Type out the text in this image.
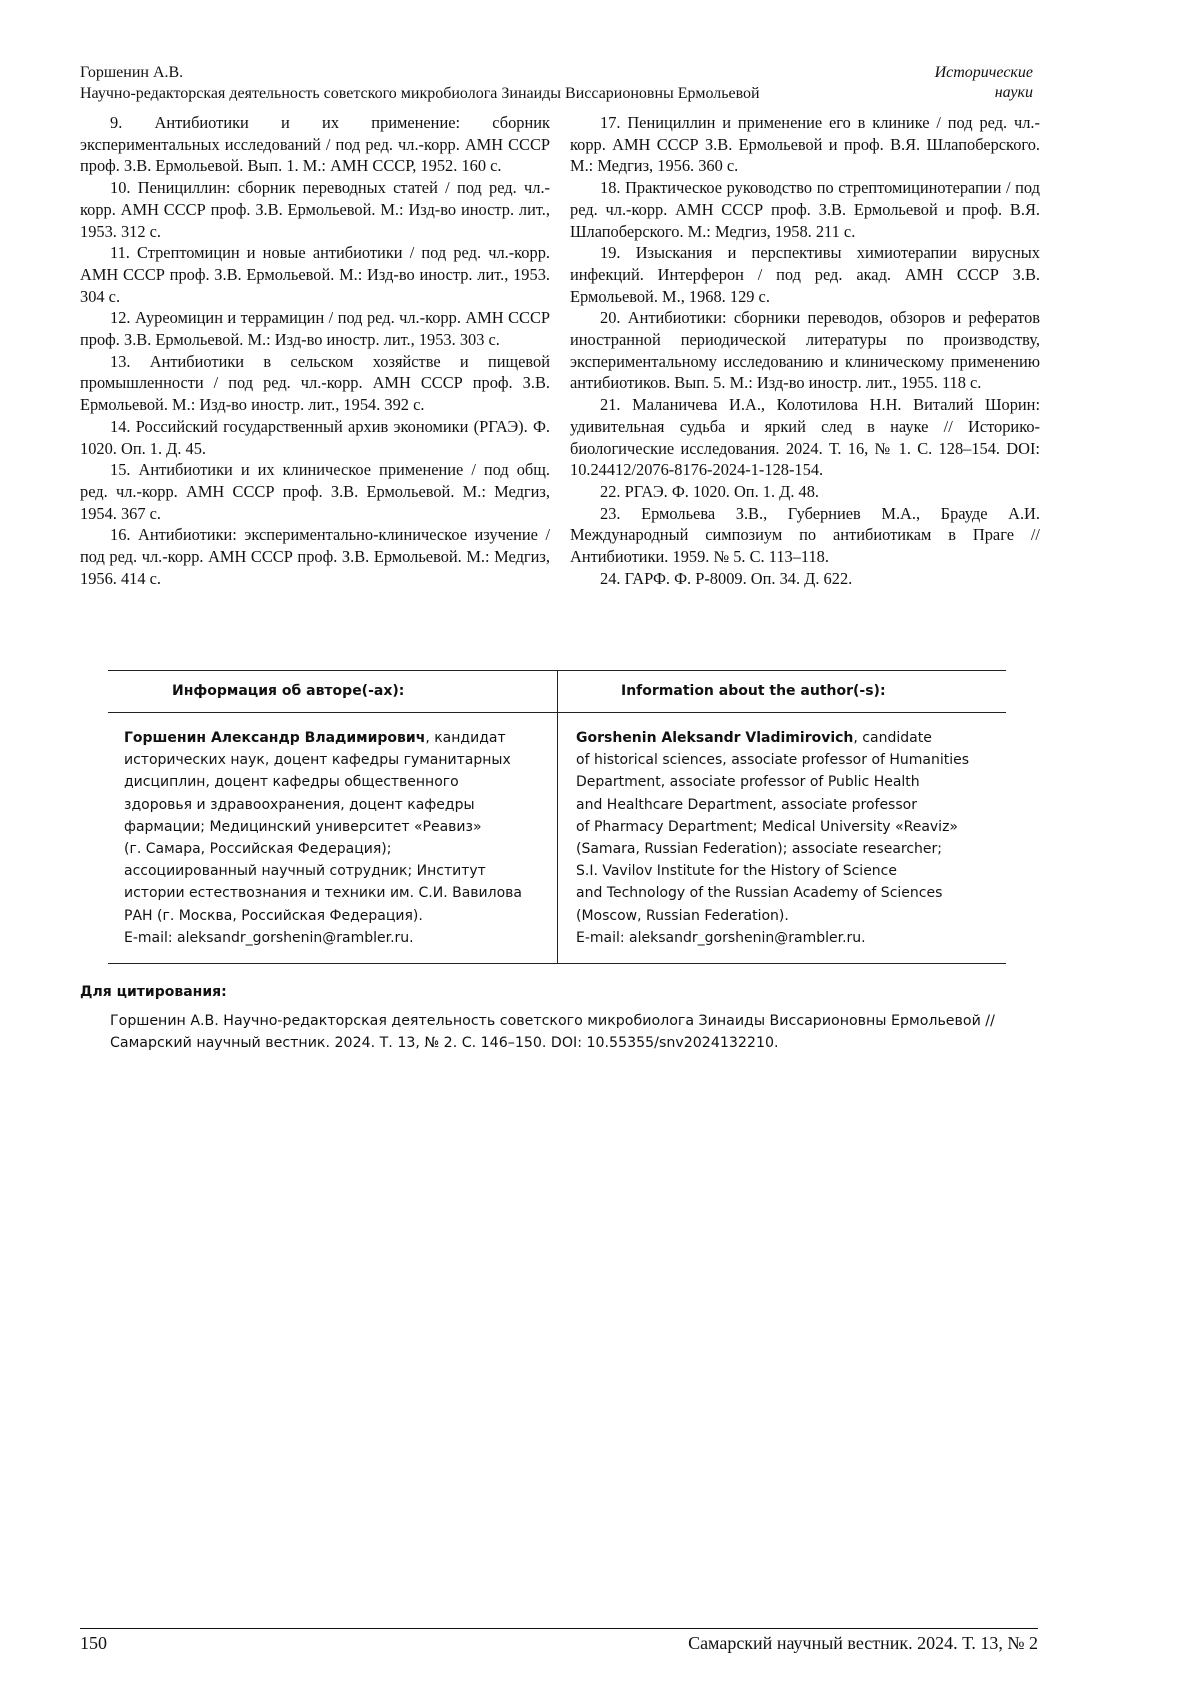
Горшенин А.В.
Научно-редакторская деятельность советского микробиолога Зинаиды Виссарионовны Ермольевой
Исторические
науки

9. Антибиотики и их применение: сборник экспериментальных исследований / под ред. чл.-корр. АМН СССР проф. З.В. Ермольевой. Вып. 1. М.: АМН СССР, 1952. 160 с.

10. Пенициллин: сборник переводных статей / под ред. чл.-корр. АМН СССР проф. З.В. Ермольевой. М.: Изд-во иностр. лит., 1953. 312 с.

11. Стрептомицин и новые антибиотики / под ред. чл.-корр. АМН СССР проф. З.В. Ермольевой. М.: Изд-во иностр. лит., 1953. 304 с.

12. Ауреомицин и террамицин / под ред. чл.-корр. АМН СССР проф. З.В. Ермольевой. М.: Изд-во иностр. лит., 1953. 303 с.

13. Антибиотики в сельском хозяйстве и пищевой промышленности / под ред. чл.-корр. АМН СССР проф. З.В. Ермольевой. М.: Изд-во иностр. лит., 1954. 392 с.

14. Российский государственный архив экономики (РГАЭ). Ф. 1020. Оп. 1. Д. 45.

15. Антибиотики и их клиническое применение / под общ. ред. чл.-корр. АМН СССР проф. З.В. Ермольевой. М.: Медгиз, 1954. 367 с.

16. Антибиотики: экспериментально-клиническое изучение / под ред. чл.-корр. АМН СССР проф. З.В. Ермольевой. М.: Медгиз, 1956. 414 с.

17. Пенициллин и применение его в клинике / под ред. чл.-корр. АМН СССР З.В. Ермольевой и проф. В.Я. Шлапоберского. М.: Медгиз, 1956. 360 с.

18. Практическое руководство по стрептомицинотерапии / под ред. чл.-корр. АМН СССР проф. З.В. Ермольевой и проф. В.Я. Шлапоберского. М.: Медгиз, 1958. 211 с.

19. Изыскания и перспективы химиотерапии вирусных инфекций. Интерферон / под ред. акад. АМН СССР З.В. Ермольевой. М., 1968. 129 с.

20. Антибиотики: сборники переводов, обзоров и рефератов иностранной периодической литературы по производству, экспериментальному исследованию и клиническому применению антибиотиков. Вып. 5. М.: Изд-во иностр. лит., 1955. 118 с.

21. Маланичева И.А., Колотилова Н.Н. Виталий Шорин: удивительная судьба и яркий след в науке // Историко-биологические исследования. 2024. Т. 16, № 1. С. 128–154. DOI: 10.24412/2076-8176-2024-1-128-154.

22. РГАЭ. Ф. 1020. Оп. 1. Д. 48.

23. Ермольева З.В., Губерниев М.А., Брауде А.И. Международный симпозиум по антибиотикам в Праге // Антибиотики. 1959. № 5. С. 113–118.

24. ГАРФ. Ф. Р-8009. Оп. 34. Д. 622.

Информация об авторе(-ах):	Information about the author(-s):
Горшенин Александр Владимирович, кандидат
исторических наук, доцент кафедры гуманитарных
дисциплин, доцент кафедры общественного
здоровья и здравоохранения, доцент кафедры
фармации; Медицинский университет «Реавиз»
(г. Самара, Российская Федерация);
ассоциированный научный сотрудник; Институт
истории естествознания и техники им. С.И. Вавилова
РАН (г. Москва, Российская Федерация).
E-mail: aleksandr_gorshenin@rambler.ru.
Gorshenin Aleksandr Vladimirovich, candidate
of historical sciences, associate professor of Humanities
Department, associate professor of Public Health
and Healthcare Department, associate professor
of Pharmacy Department; Medical University «Reaviz»
(Samara, Russian Federation); associate researcher;
S.I. Vavilov Institute for the History of Science
and Technology of the Russian Academy of Sciences
(Moscow, Russian Federation).
E-mail: aleksandr_gorshenin@rambler.ru.
Для цитирования:
Горшенин А.В. Научно-редакторская деятельность советского микробиолога Зинаиды Виссарионовны Ермольевой //
Самарский научный вестник. 2024. Т. 13, № 2. С. 146–150. DOI: 10.55355/snv2024132210.
150	Самарский научный вестник. 2024. Т. 13, № 2
